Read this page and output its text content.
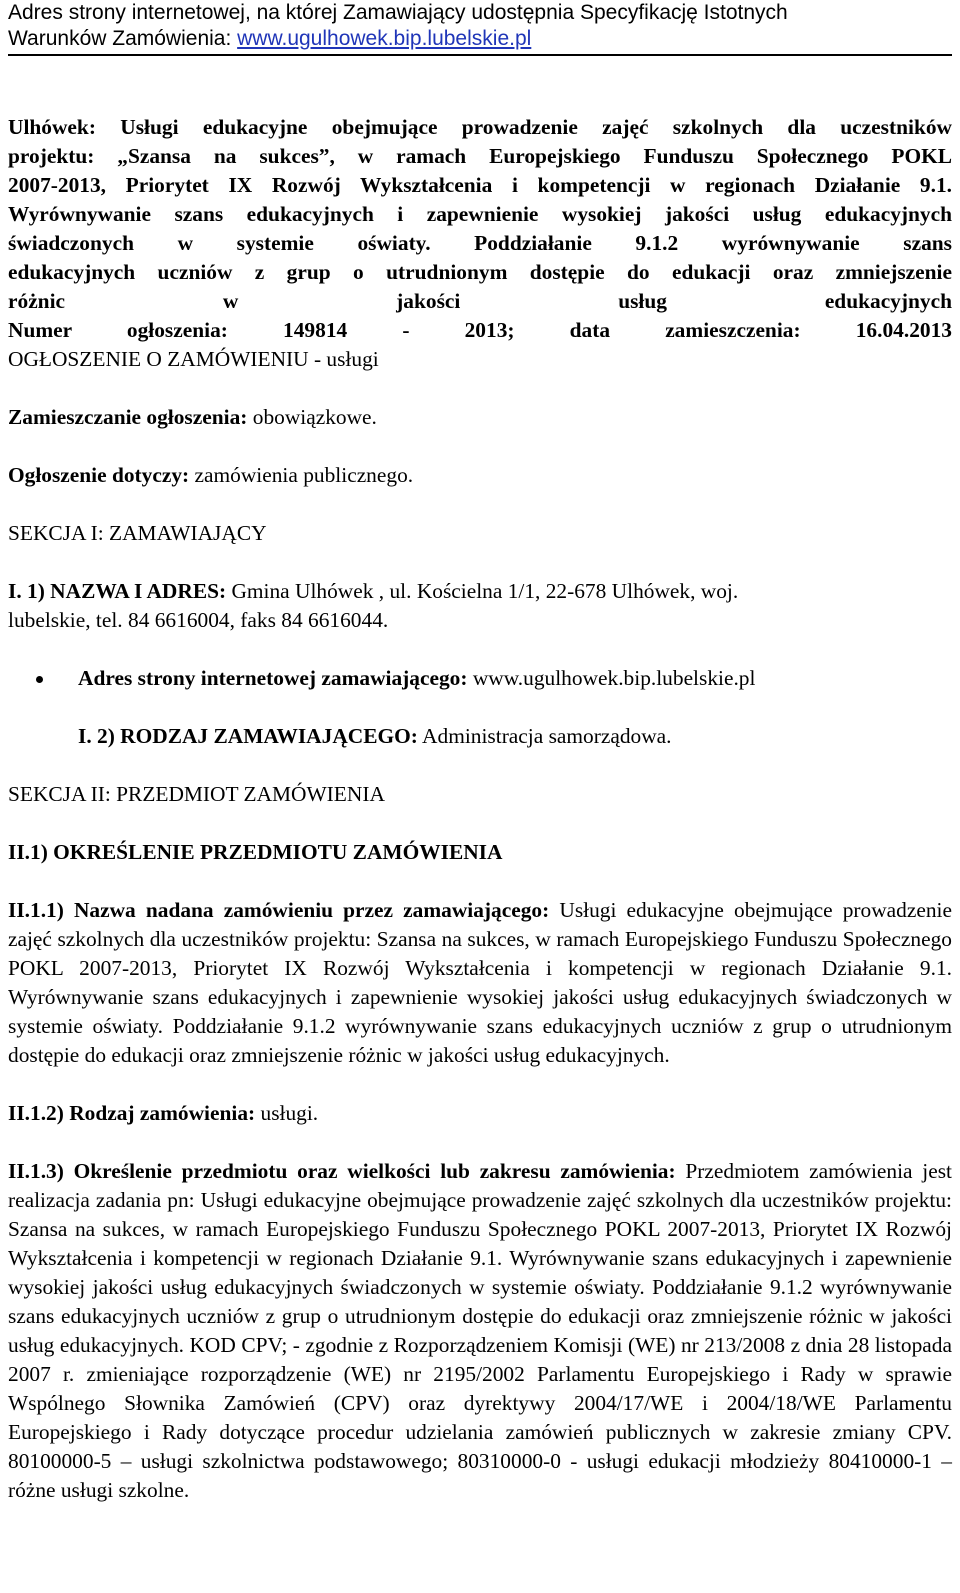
Adres strony internetowej, na której Zamawiający udostępnia Specyfikację Istotnych
Warunków Zamówienia: www.ugulhowek.bip.lubelskie.pl
Ulhówek: Usługi edukacyjne obejmujące prowadzenie zajęć szkolnych dla uczestników
projektu: „Szansa na sukces”, w ramach Europejskiego Funduszu Społecznego POKL
2007-2013, Priorytet IX Rozwój Wykształcenia i kompetencji w regionach Działanie 9.1.
Wyrównywanie szans edukacyjnych i zapewnienie wysokiej jakości usług edukacyjnych
świadczonych w systemie oświaty. Poddziałanie 9.1.2 wyrównywanie szans
edukacyjnych uczniów z grup o utrudnionym dostępie do edukacji oraz zmniejszenie
różnic w jakości usług edukacyjnych
Numer ogłoszenia: 149814 - 2013; data zamieszczenia: 16.04.2013
OGŁOSZENIE O ZAMÓWIENIU - usługi

Zamieszczanie ogłoszenia: obowiązkowe.

Ogłoszenie dotyczy: zamówienia publicznego.

SEKCJA I: ZAMAWIAJĄCY

I. 1) NAZWA I ADRES: Gmina Ulhówek , ul. Kościelna 1/1, 22-678 Ulhówek, woj.

lubelskie, tel. 84 6616004, faks 84 6616044.

Adres strony internetowej zamawiającego: www.ugulhowek.bip.lubelskie.pl

I. 2) RODZAJ ZAMAWIAJĄCEGO: Administracja samorządowa.

SEKCJA II: PRZEDMIOT ZAMÓWIENIA

II.1) OKREŚLENIE PRZEDMIOTU ZAMÓWIENIA

II.1.1) Nazwa nadana zamówieniu przez zamawiającego: Usługi edukacyjne obejmujące prowadzenie zajęć szkolnych dla uczestników projektu: Szansa na sukces, w ramach Europejskiego Funduszu Społecznego POKL 2007-2013, Priorytet IX Rozwój Wykształcenia i kompetencji w regionach Działanie 9.1. Wyrównywanie szans edukacyjnych i zapewnienie wysokiej jakości usług edukacyjnych świadczonych w systemie oświaty. Poddziałanie 9.1.2 wyrównywanie szans edukacyjnych uczniów z grup o utrudnionym dostępie do edukacji oraz zmniejszenie różnic w jakości usług edukacyjnych.

II.1.2) Rodzaj zamówienia: usługi.

II.1.3) Określenie przedmiotu oraz wielkości lub zakresu zamówienia: Przedmiotem zamówienia jest realizacja zadania pn: Usługi edukacyjne obejmujące prowadzenie zajęć szkolnych dla uczestników projektu: Szansa na sukces, w ramach Europejskiego Funduszu Społecznego POKL 2007-2013, Priorytet IX Rozwój Wykształcenia i kompetencji w regionach Działanie 9.1. Wyrównywanie szans edukacyjnych i zapewnienie wysokiej jakości usług edukacyjnych świadczonych w systemie oświaty. Poddziałanie 9.1.2 wyrównywanie szans edukacyjnych uczniów z grup o utrudnionym dostępie do edukacji oraz zmniejszenie różnic w jakości usług edukacyjnych. KOD CPV; - zgodnie z Rozporządzeniem Komisji (WE) nr 213/2008 z dnia 28 listopada 2007 r. zmieniające rozporządzenie (WE) nr 2195/2002 Parlamentu Europejskiego i Rady w sprawie Wspólnego Słownika Zamówień (CPV) oraz dyrektywy 2004/17/WE i 2004/18/WE Parlamentu Europejskiego i Rady dotyczące procedur udzielania zamówień publicznych w zakresie zmiany CPV. 80100000-5 – usługi szkolnictwa podstawowego; 80310000-0 - usługi edukacji młodzieży 80410000-1 – różne usługi szkolne.
